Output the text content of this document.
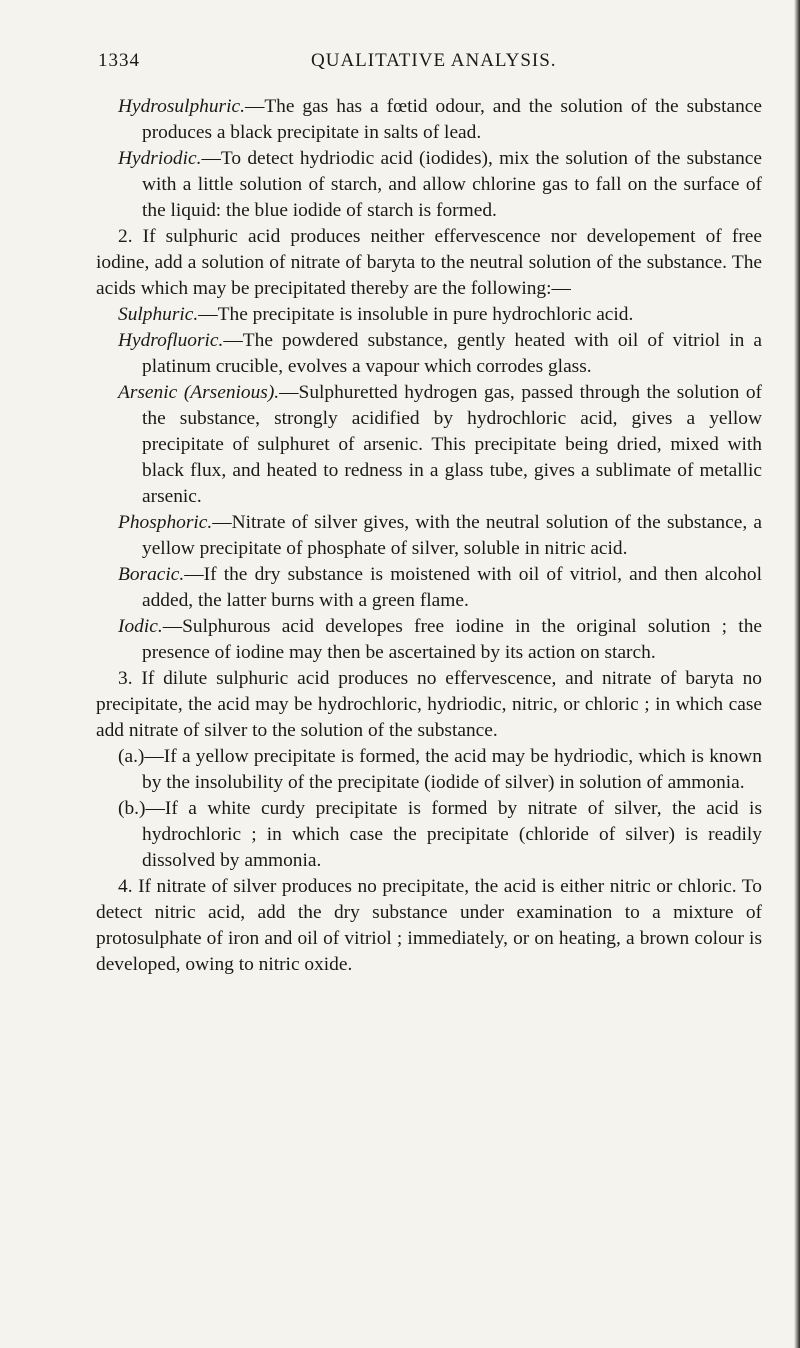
1334	QUALITATIVE ANALYSIS.

Hydrosulphuric.—The gas has a fœtid odour, and the solution of the substance produces a black precipitate in salts of lead.

Hydriodic.—To detect hydriodic acid (iodides), mix the solution of the substance with a little solution of starch, and allow chlorine gas to fall on the surface of the liquid: the blue iodide of starch is formed.

2. If sulphuric acid produces neither effervescence nor developement of free iodine, add a solution of nitrate of baryta to the neutral solution of the substance. The acids which may be precipitated thereby are the following:—

Sulphuric.—The precipitate is insoluble in pure hydrochloric acid.

Hydrofluoric.—The powdered substance, gently heated with oil of vitriol in a platinum crucible, evolves a vapour which corrodes glass.

Arsenic (Arsenious).—Sulphuretted hydrogen gas, passed through the solution of the substance, strongly acidified by hydrochloric acid, gives a yellow precipitate of sulphuret of arsenic. This precipitate being dried, mixed with black flux, and heated to redness in a glass tube, gives a sublimate of metallic arsenic.

Phosphoric.—Nitrate of silver gives, with the neutral solution of the substance, a yellow precipitate of phosphate of silver, soluble in nitric acid.

Boracic.—If the dry substance is moistened with oil of vitriol, and then alcohol added, the latter burns with a green flame.

Iodic.—Sulphurous acid developes free iodine in the original solution ; the presence of iodine may then be ascertained by its action on starch.

3. If dilute sulphuric acid produces no effervescence, and nitrate of baryta no precipitate, the acid may be hydrochloric, hydriodic, nitric, or chloric ; in which case add nitrate of silver to the solution of the substance.

(a.)—If a yellow precipitate is formed, the acid may be hydriodic, which is known by the insolubility of the precipitate (iodide of silver) in solution of ammonia.

(b.)—If a white curdy precipitate is formed by nitrate of silver, the acid is hydrochloric ; in which case the precipitate (chloride of silver) is readily dissolved by ammonia.

4. If nitrate of silver produces no precipitate, the acid is either nitric or chloric. To detect nitric acid, add the dry substance under examination to a mixture of protosulphate of iron and oil of vitriol ; immediately, or on heating, a brown colour is developed, owing to nitric oxide.
